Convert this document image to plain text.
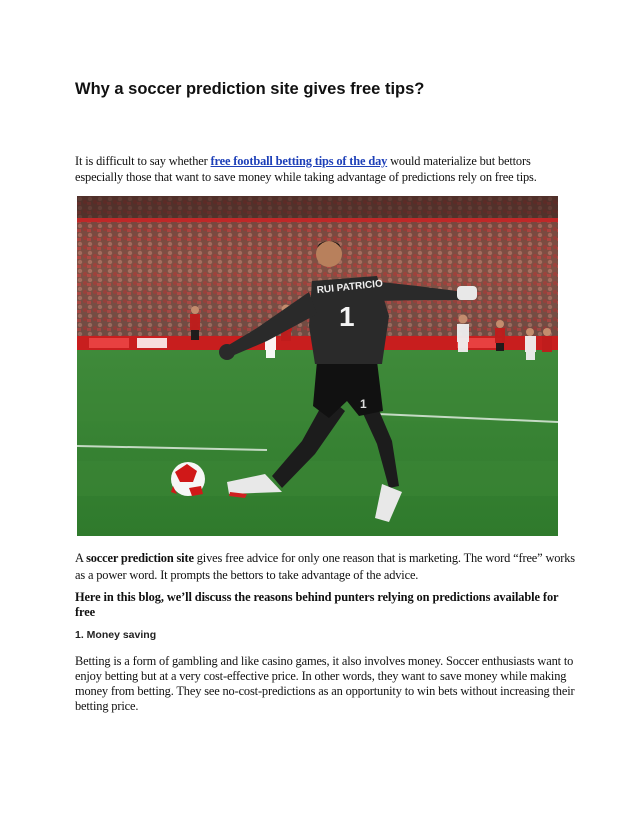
Why a soccer prediction site gives free tips?
It is difficult to say whether free football betting tips of the day would materialize but bettors especially those that want to save money while taking advantage of predictions rely on free tips.
1
RUI PATRICIO
1
A soccer prediction site gives free advice for only one reason that is marketing. The word “free” works as a power word. It prompts the bettors to take advantage of the advice.
Here in this blog, we’ll discuss the reasons behind punters relying on predictions available for free
1. Money saving
Betting is a form of gambling and like casino games, it also involves money. Soccer enthusiasts want to enjoy betting but at a very cost-effective price. In other words, they want to save money while making money from betting. They see no-cost-predictions as an opportunity to win bets without increasing their betting price.
